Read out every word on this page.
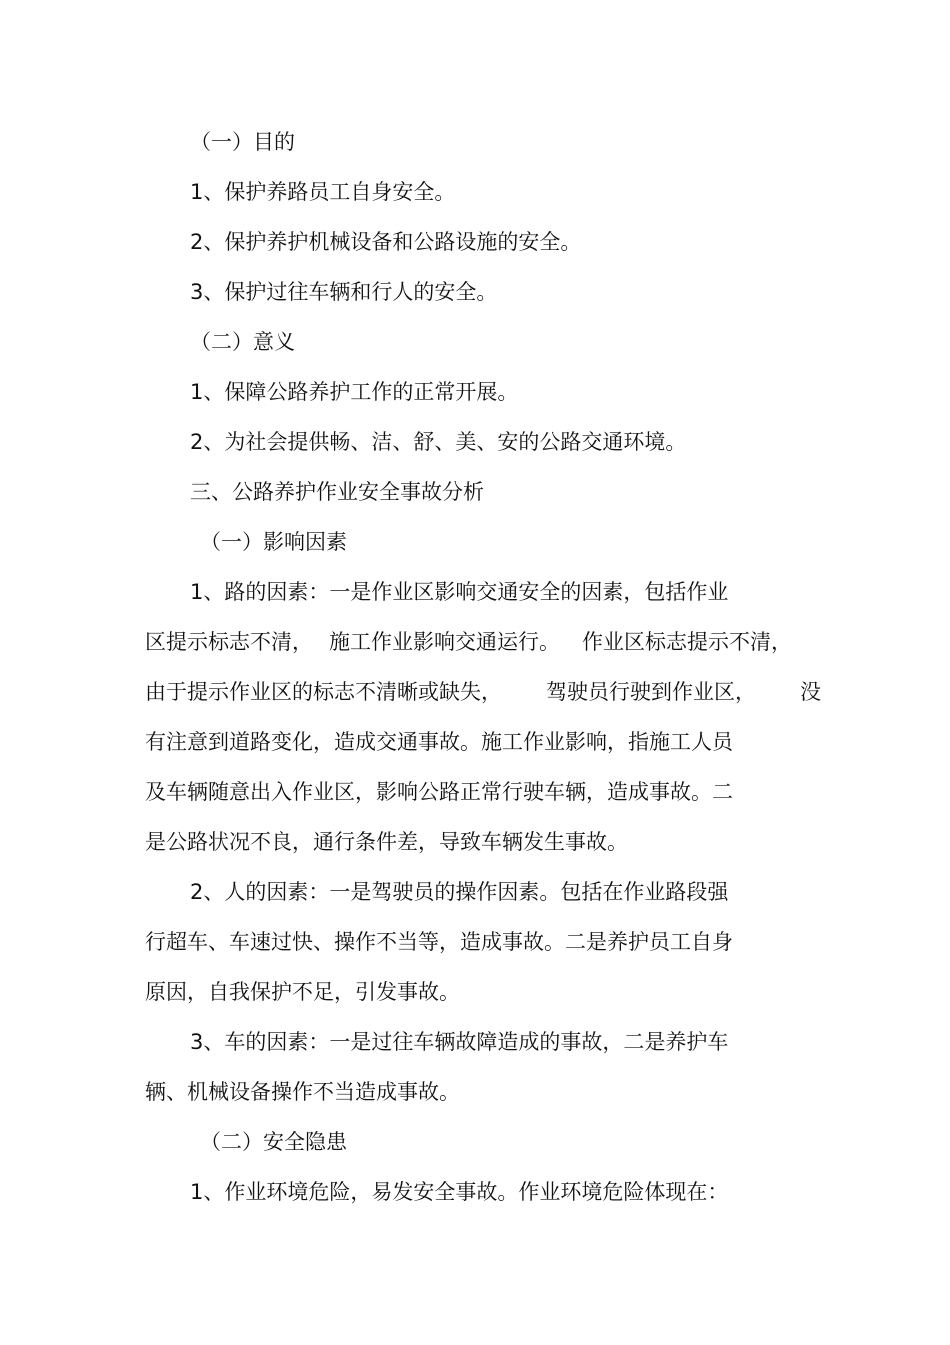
（一）目的

1、保护养路员工自身安全。

2、保护养护机械设备和公路设施的安全。

3、保护过往车辆和行人的安全。

（二）意义

1、保障公路养护工作的正常开展。

2、为社会提供畅、洁、舒、美、安的公路交通环境。

三、公路养护作业安全事故分析

（一）影响因素

1、路的因素：一是作业区影响交通安全的因素，包括作业

区提示标志不清， 施工作业影响交通运行。 作业区标志提示不清，

由于提示作业区的标志不清晰或缺失， 驾驶员行驶到作业区， 没

有注意到道路变化，造成交通事故。施工作业影响，指施工人员

及车辆随意出入作业区，影响公路正常行驶车辆，造成事故。二

是公路状况不良，通行条件差，导致车辆发生事故。

2、人的因素：一是驾驶员的操作因素。包括在作业路段强

行超车、车速过快、操作不当等，造成事故。二是养护员工自身

原因，自我保护不足，引发事故。

3、车的因素：一是过往车辆故障造成的事故，二是养护车

辆、机械设备操作不当造成事故。

（二）安全隐患

1、作业环境危险，易发安全事故。作业环境危险体现在：
